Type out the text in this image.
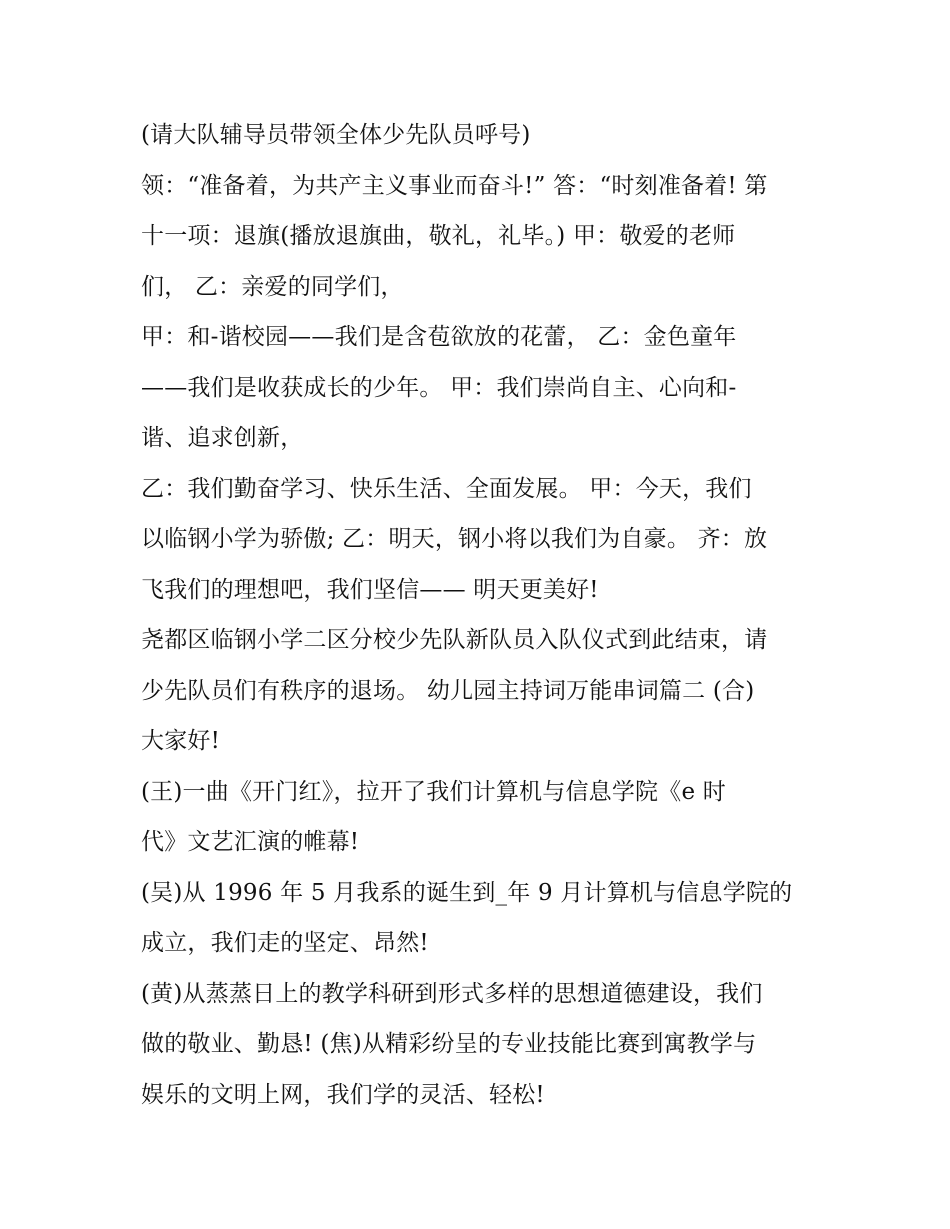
(请大队辅导员带领全体少先队员呼号)
领：“准备着，为共产主义事业而奋斗!” 答：“时刻准备着! 第
十一项：退旗(播放退旗曲，敬礼，礼毕。) 甲：敬爱的老师
们， 乙：亲爱的同学们，
甲：和-谐校园——我们是含苞欲放的花蕾， 乙：金色童年
——我们是收获成长的少年。 甲：我们崇尚自主、心向和-
谐、追求创新，
乙：我们勤奋学习、快乐生活、全面发展。 甲：今天，我们
以临钢小学为骄傲; 乙：明天，钢小将以我们为自豪。 齐：放
飞我们的理想吧，我们坚信—— 明天更美好!
尧都区临钢小学二区分校少先队新队员入队仪式到此结束，请
少先队员们有秩序的退场。 幼儿园主持词万能串词篇二 (合)
大家好!
(王)一曲《开门红》，拉开了我们计算机与信息学院《e 时
代》文艺汇演的帷幕!
(吴)从 1996 年 5 月我系的诞生到_年 9 月计算机与信息学院的
成立，我们走的坚定、昂然!
(黄)从蒸蒸日上的教学科研到形式多样的思想道德建设，我们
做的敬业、勤恳! (焦)从精彩纷呈的专业技能比赛到寓教学与
娱乐的文明上网，我们学的灵活、轻松!
